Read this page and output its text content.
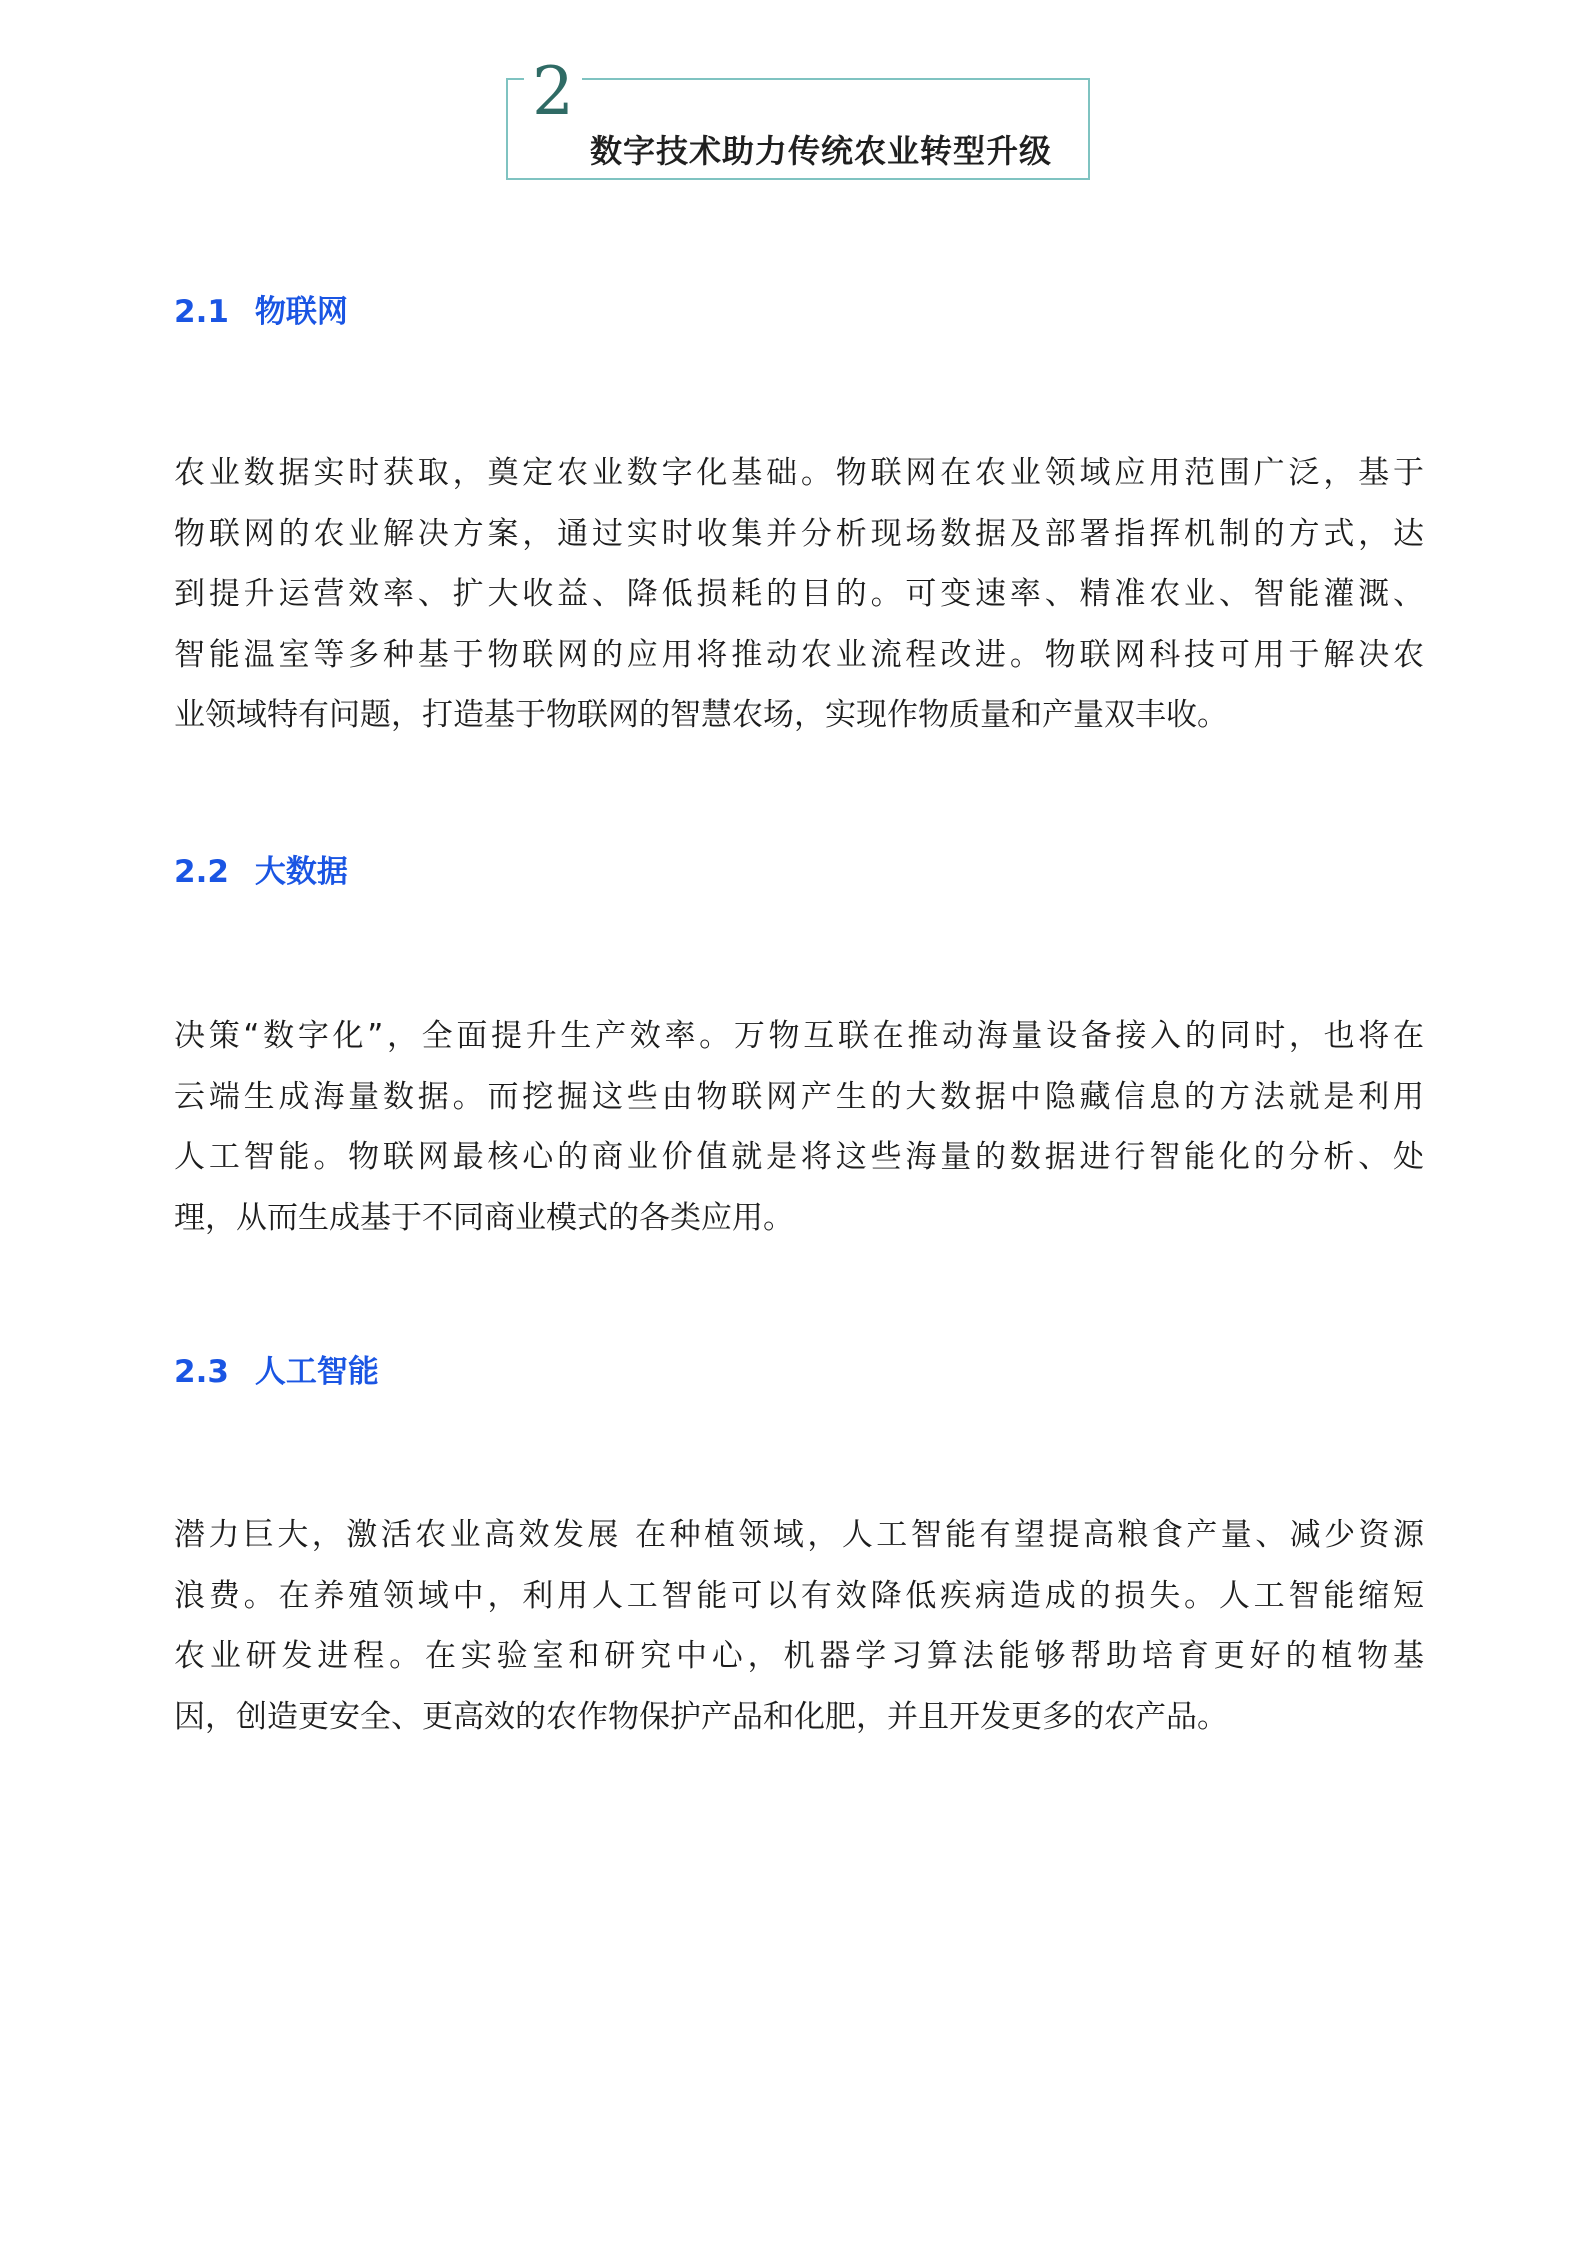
2
数字技术助力传统农业转型升级
2.1 物联网
农业数据实时获取，奠定农业数字化基础。物联网在农业领域应用范围广泛，基于
物联网的农业解决方案，通过实时收集并分析现场数据及部署指挥机制的方式，达
到提升运营效率、扩大收益、降低损耗的目的。可变速率、精准农业、智能灌溉、
智能温室等多种基于物联网的应用将推动农业流程改进。物联网科技可用于解决农
业领域特有问题，打造基于物联网的智慧农场，实现作物质量和产量双丰收。
2.2 大数据
决策“数字化”，全面提升生产效率。万物互联在推动海量设备接入的同时，也将在
云端生成海量数据。而挖掘这些由物联网产生的大数据中隐藏信息的方法就是利用
人工智能。物联网最核心的商业价值就是将这些海量的数据进行智能化的分析、处
理，从而生成基于不同商业模式的各类应用。
2.3 人工智能
潜力巨大，激活农业高效发展 在种植领域，人工智能有望提高粮食产量、减少资源
浪费。在养殖领域中，利用人工智能可以有效降低疾病造成的损失。人工智能缩短
农业研发进程。在实验室和研究中心，机器学习算法能够帮助培育更好的植物基
因，创造更安全、更高效的农作物保护产品和化肥，并且开发更多的农产品。
